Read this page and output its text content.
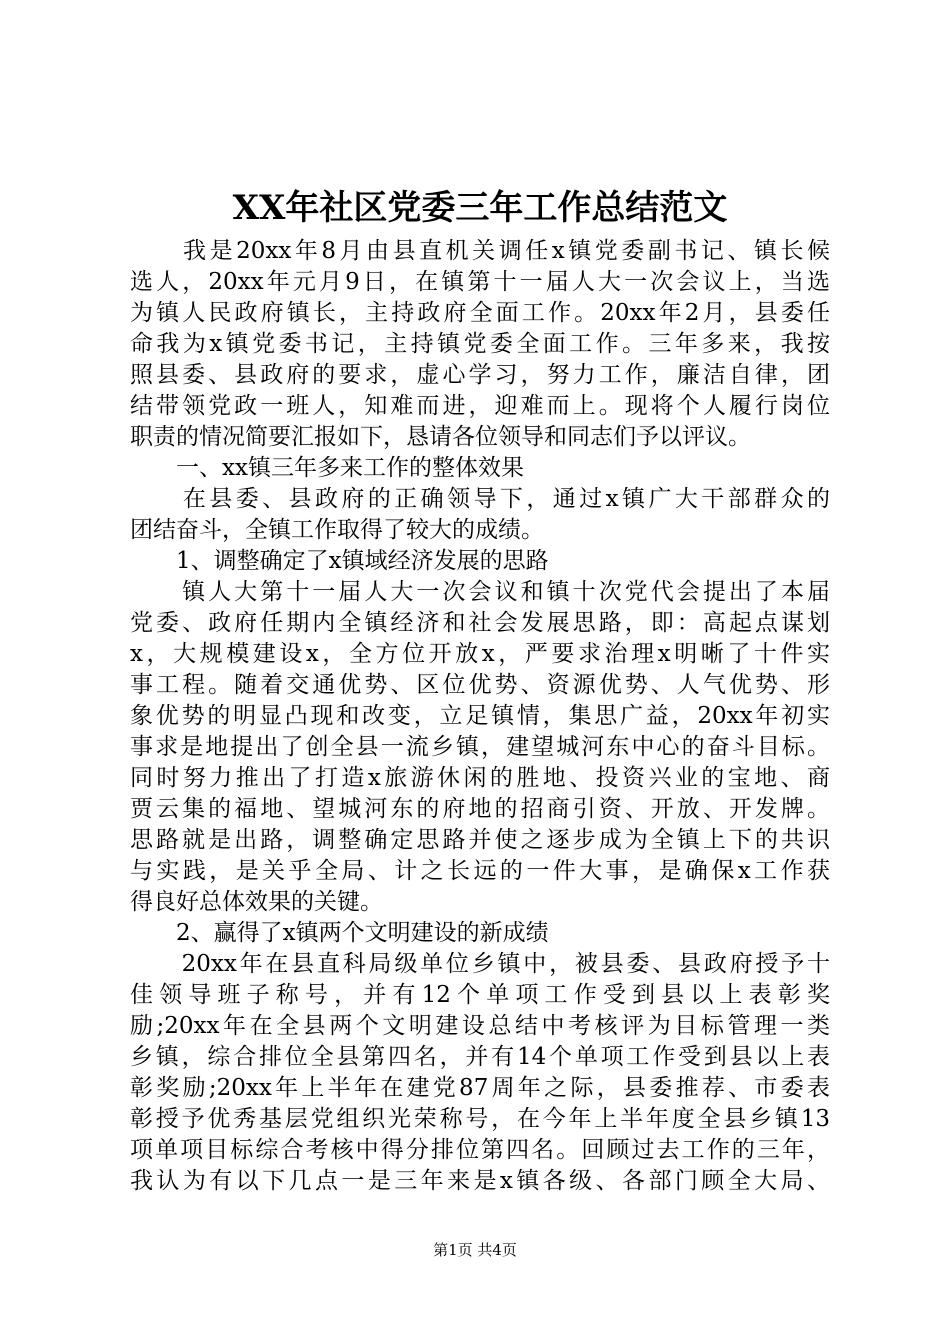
XX年社区党委三年工作总结范文
　　我是20xx年8月由县直机关调任x镇党委副书记、镇长候
选人，20xx年元月9日，在镇第十一届人大一次会议上，当选
为镇人民政府镇长，主持政府全面工作。20xx年2月，县委任
命我为x镇党委书记，主持镇党委全面工作。三年多来，我按
照县委、县政府的要求，虚心学习，努力工作，廉洁自律，团
结带领党政一班人，知难而进，迎难而上。现将个人履行岗位
职责的情况简要汇报如下，恳请各位领导和同志们予以评议。
　　一、xx镇三年多来工作的整体效果
　　在县委、县政府的正确领导下，通过x镇广大干部群众的
团结奋斗，全镇工作取得了较大的成绩。
　　1、调整确定了x镇域经济发展的思路
　　镇人大第十一届人大一次会议和镇十次党代会提出了本届
党委、政府任期内全镇经济和社会发展思路，即：高起点谋划
x，大规模建设x，全方位开放x，严要求治理x明晰了十件实
事工程。随着交通优势、区位优势、资源优势、人气优势、形
象优势的明显凸现和改变，立足镇情，集思广益，20xx年初实
事求是地提出了创全县一流乡镇，建望城河东中心的奋斗目标。
同时努力推出了打造x旅游休闲的胜地、投资兴业的宝地、商
贾云集的福地、望城河东的府地的招商引资、开放、开发牌。
思路就是出路，调整确定思路并使之逐步成为全镇上下的共识
与实践，是关乎全局、计之长远的一件大事，是确保x工作获
得良好总体效果的关键。
　　2、赢得了x镇两个文明建设的新成绩
　　20xx年在县直科局级单位乡镇中，被县委、县政府授予十
佳领导班子称号，并有12个单项工作受到县以上表彰奖
励;20xx年在全县两个文明建设总结中考核评为目标管理一类
乡镇，综合排位全县第四名，并有14个单项工作受到县以上表
彰奖励;20xx年上半年在建党87周年之际，县委推荐、市委表
彰授予优秀基层党组织光荣称号，在今年上半年度全县乡镇13
项单项目标综合考核中得分排位第四名。回顾过去工作的三年，
我认为有以下几点一是三年来是x镇各级、各部门顾全大局、
第1页 共4页
